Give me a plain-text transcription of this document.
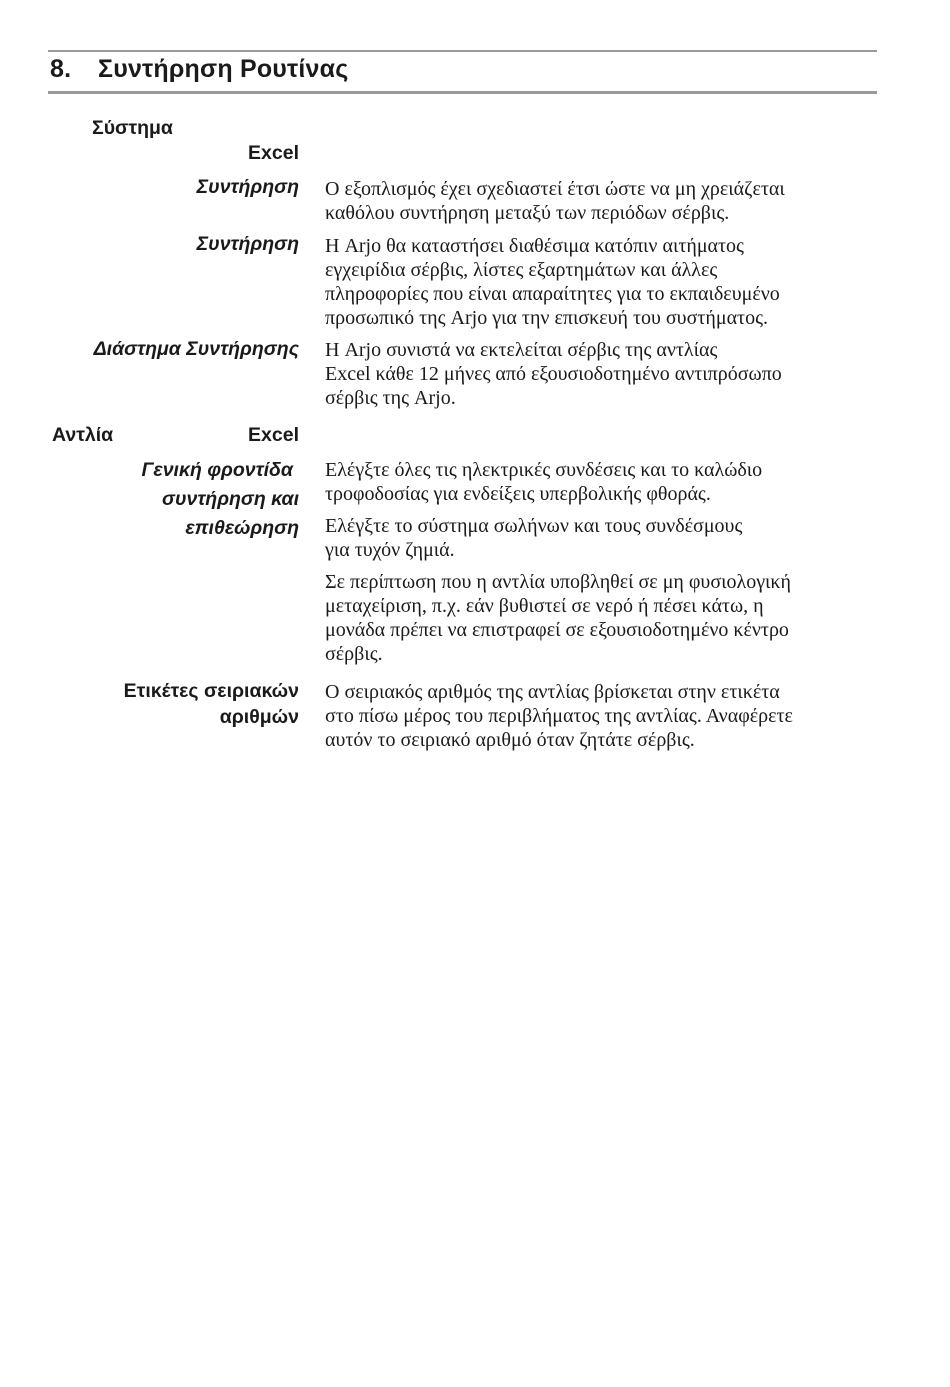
8. Συντήρηση Ρουτίνας
Σύστημα
Excel
Συντήρηση Ο εξοπλισμός έχει σχεδιαστεί έτσι ώστε να μη χρειάζεται
καθόλου συντήρηση μεταξύ των περιόδων σέρβις.
Συντήρηση Η Arjo θα καταστήσει διαθέσιμα κατόπιν αιτήματος
εγχειρίδια σέρβις, λίστες εξαρτημάτων και άλλες
πληροφορίες που είναι απαραίτητες για το εκπαιδευμένο
προσωπικό της Arjo για την επισκευή του συστήματος.
Διάστημα Συντήρησης Η Arjo συνιστά να εκτελείται σέρβις της αντλίας
Excel κάθε 12 μήνες από εξουσιοδοτημένο αντιπρόσωπο
σέρβις της Arjo.
Αντλία	Excel
Γενική φροντίδα
συντήρηση και
επιθεώρηση
Ελέγξτε όλες τις ηλεκτρικές συνδέσεις και το καλώδιο
τροφοδοσίας για ενδείξεις υπερβολικής φθοράς.
Ελέγξτε το σύστημα σωλήνων και τους συνδέσμους
για τυχόν ζημιά.
Σε περίπτωση που η αντλία υποβληθεί σε μη φυσιολογική
μεταχείριση, π.χ. εάν βυθιστεί σε νερό ή πέσει κάτω, η
μονάδα πρέπει να επιστραφεί σε εξουσιοδοτημένο κέντρο
σέρβις.
Ετικέτες σειριακών
αριθμών
Ο σειριακός αριθμός της αντλίας βρίσκεται στην ετικέτα
στο πίσω μέρος του περιβλήματος της αντλίας. Αναφέρετε
αυτόν το σειριακό αριθμό όταν ζητάτε σέρβις.
